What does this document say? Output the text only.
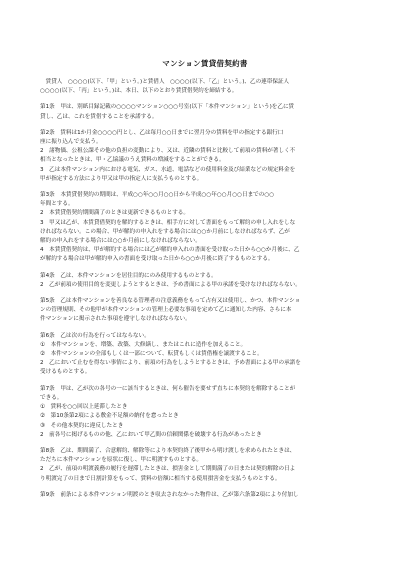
マンション賃貸借契約書
　賃貸人　○○○○(以下、「甲」という。)と賃借人　○○○○(以下、「乙」という。)、乙の連帯保証人
○○○○(以下、「丙」という。)は、本日、以下のとおり賃貸借契約を締結する。
第1条　甲は、別紙目録記載の○○○○マンション○○○号室(以下「本件マンション」という)を乙に賃
貸し、乙は、これを賃借することを承諾する。
第2条　賃料は1か月金○○○○円とし、乙は毎月○○日までに翌月分の賃料を甲の指定する銀行口
座に振り込んで支払う。
2　諸物価、公租公課その他の負担の変動により、又は、近隣の賃料と比較して前項の賃料が著しく不
相当となったときは、甲・乙協議のうえ賃料の増減をすることができる。
3　乙は本件マンション内における電気、ガス、水道、電話などの使用料金及び結業などの規定料金を
甲が指定する方法により甲又は甲の指定人に支払うものとする。
第3条　本賃貸借契約の期間は、平成○○年○○月○○日から平成○○年○○月○○日までの○○
年間とする。
2　本賃貸借契約期間満了のときは更新できるものとする。
3　甲又は乙が、本賃貸借契約を解約するときは、相手方に対して書面をもって解約の申し入れをしな
ければならない。この場合、甲が解約の申入れをする場合には○○か月前にしなければならず、乙が
解約の申入れをする場合には○○か月前にしなければならない。
4　本賃貸借契約は、甲が解約する場合には乙が解約申入れの書面を受け取った日から○○か月後に、乙
が解約する場合は甲が解約申入の書面を受け取った日から○○か月後に終了するものとする。
第4条　乙は、本件マンションを居住目的にのみ使用するものとする。
2　乙が前項の使用目的を変更しようとするときは、予め書面による甲の承諾を受けなければならない。
第5条　乙は本件マンションを善良なる管理者の注意義務をもって占有又は使用し、かつ、本件マンショ
ンの管理規則、その他甲が本件マンションの管理上必要な事項を定めて乙に通知した内容、さらに本
件マンションに掲示された事項を遵守しなければならない。
第6条　乙は次の行為を行ってはならない。
①　本件マンションを、増築、改築、大修繕し、またはこれに造作を加えること。
②　本件マンションの全部もしくは一部について、転貸もしくは賃借権を譲渡すること。
2　乙において止むを得ない事情により、前項の行為をしようとするときは、予め書面による甲の承諾を
受けるものとする。
第7条　甲は、乙が次の各号の一に該当するときは、何ら催告を要せず直ちに本契約を解除することが
できる。
①　賃料を○○回以上延滞したとき
②　第10条第2項による敷金不足額の納付を怠ったとき
③　その他本契約に違反したとき
2　前各号に掲げるものの他、乙において甲乙間の信頼関係を破壊する行為があったとき
第8条　乙は、期間満了、合意解約、解除等により本契約終了後甲から明け渡しを求められたときは、
ただちに本件マンションを原状に復し、甲に明渡すものとする。
2　乙が、前項の明渡義務の履行を遅滞したときは、損害金として期間満了の日または契約解除の日よ
り明渡完了の日まで日割計算をもって、賃料の倍額に相当する使用損害金を支払うものとする。
第9条　前条による本件マンション明渡のとき収去されなかった物件は、乙が第六条第2項により付加し
